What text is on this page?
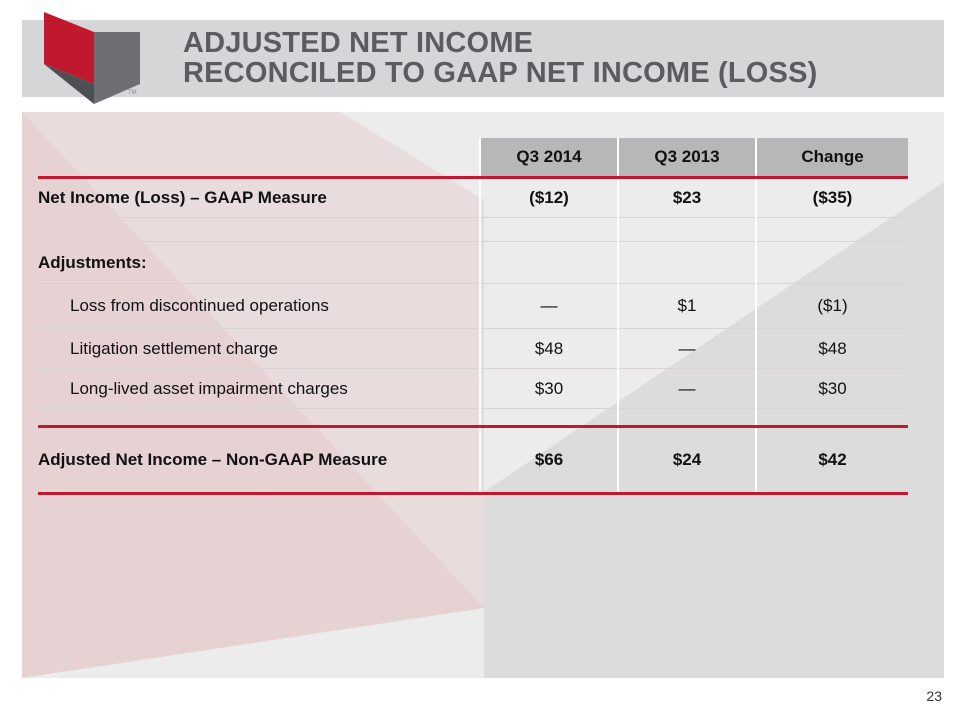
TM
ADJUSTED NET INCOME
RECONCILED TO GAAP NET INCOME (LOSS)
	Q3 2014	Q3 2013	Change
Net Income (Loss) – GAAP Measure	($12)	$23	($35)

Adjustments:			
Loss from discontinued operations	—	$1	($1)
Litigation settlement charge	$48	—	$48
Long-lived asset impairment charges	$30	—	$30

Adjusted Net Income – Non-GAAP Measure	$66	$24	$42
23
